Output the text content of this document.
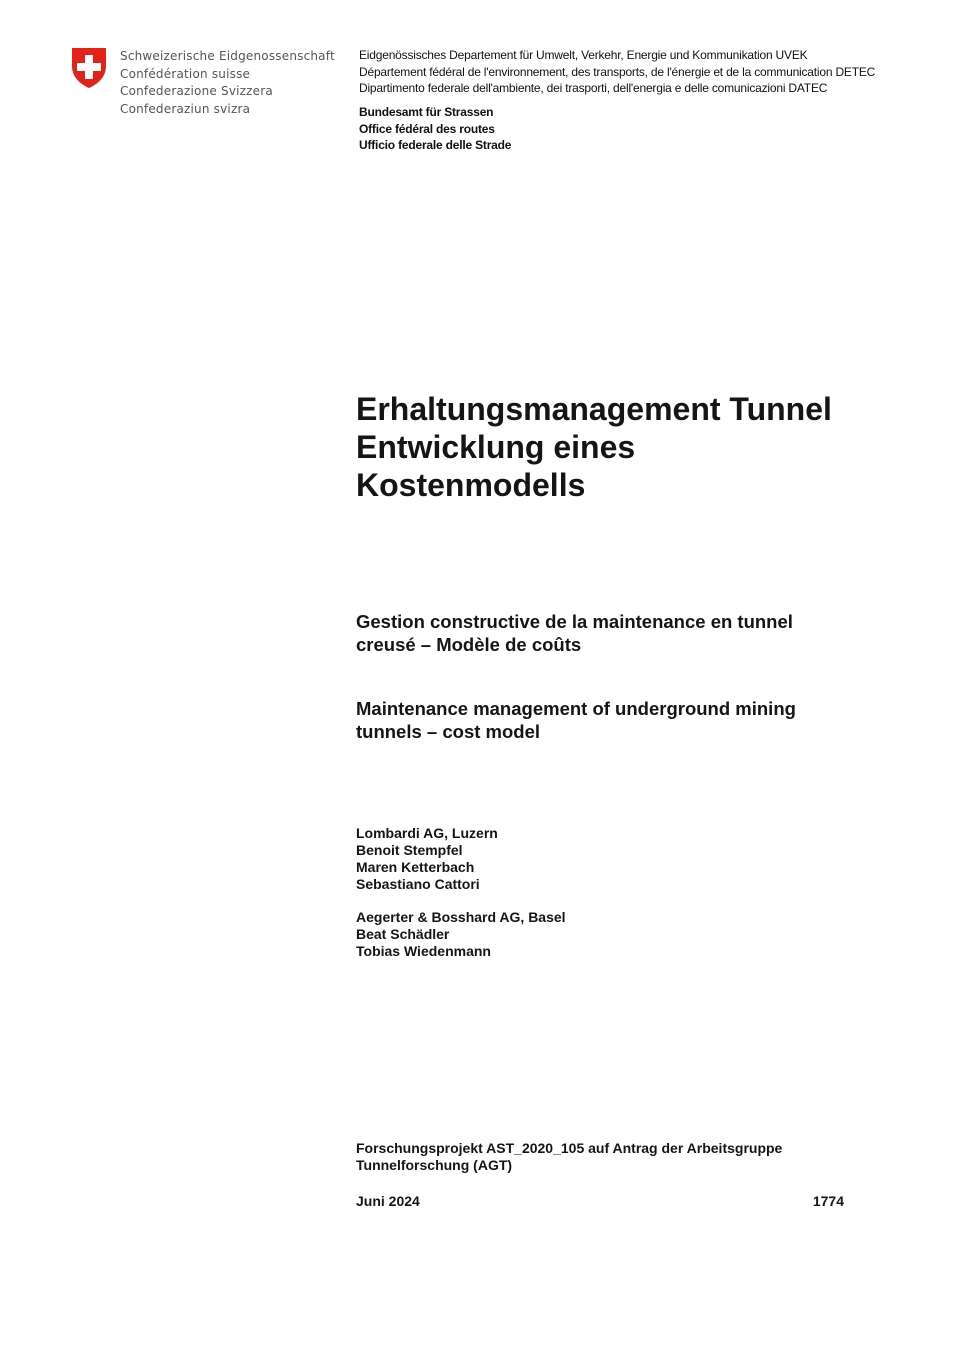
Schweizerische Eidgenossenschaft
Confédération suisse
Confederazione Svizzera
Confederaziun svizra
Eidgenössisches Departement für Umwelt, Verkehr, Energie und Kommunikation UVEK
Département fédéral de l'environnement, des transports, de l'énergie et de la communication DETEC
Dipartimento federale dell'ambiente, dei trasporti, dell'energia e delle comunicazioni DATEC
Bundesamt für Strassen
Office fédéral des routes
Ufficio federale delle Strade
Erhaltungsmanagement Tunnel
Entwicklung eines
Kostenmodells
Gestion constructive de la maintenance en tunnel
creusé – Modèle de coûts
Maintenance management of underground mining
tunnels – cost model
Lombardi AG, Luzern
Benoit Stempfel
Maren Ketterbach
Sebastiano Cattori
Aegerter & Bosshard AG, Basel
Beat Schädler
Tobias Wiedenmann
Forschungsprojekt AST_2020_105 auf Antrag der Arbeitsgruppe
Tunnelforschung (AGT)
Juni 2024	1774
